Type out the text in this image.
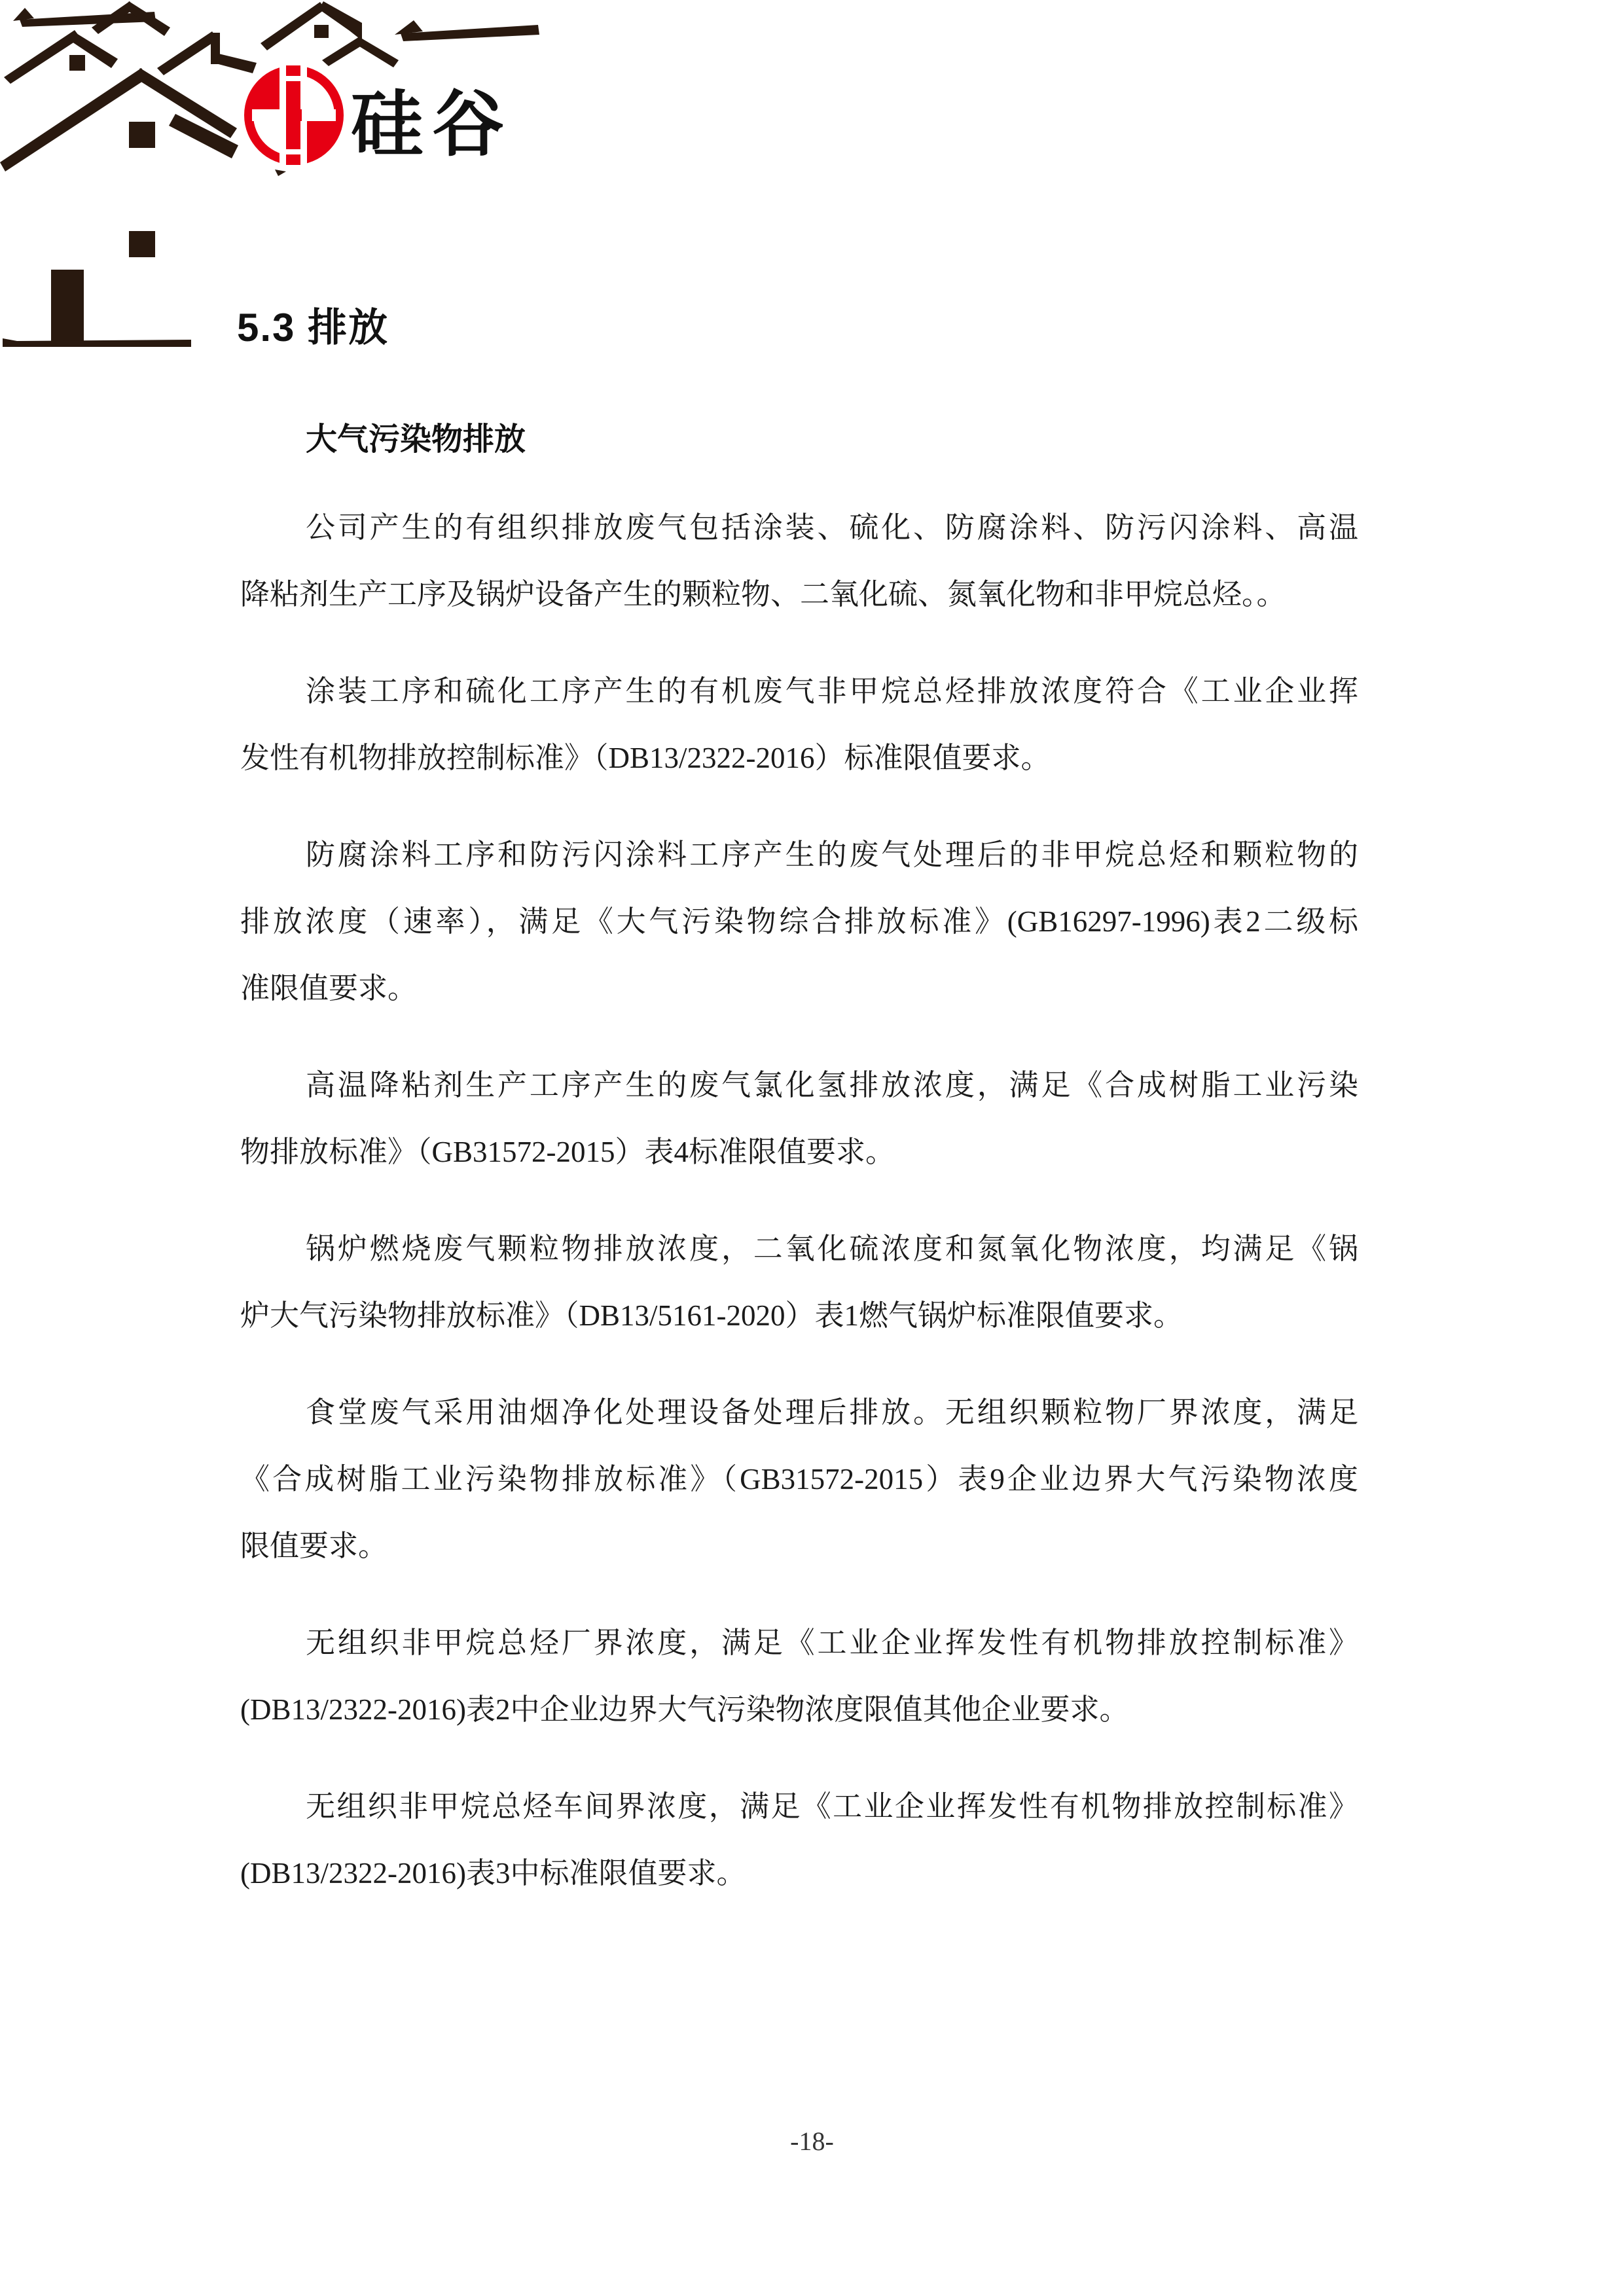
硅谷
5.3 排放
大气污染物排放

公司产生的有组织排放废气包括涂装、硫化、防腐涂料、防污闪涂料、高温
降粘剂生产工序及锅炉设备产生的颗粒物、二氧化硫、氮氧化物和非甲烷总烃。。

涂装工序和硫化工序产生的有机废气非甲烷总烃排放浓度符合《工业企业挥
发性有机物排放控制标准》（DB13/2322-2016）标准限值要求。

防腐涂料工序和防污闪涂料工序产生的废气处理后的非甲烷总烃和颗粒物的
排放浓度（速率），满足《大气污染物综合排放标准》(GB16297-1996)表2二级标
准限值要求。

高温降粘剂生产工序产生的废气氯化氢排放浓度，满足《合成树脂工业污染
物排放标准》（GB31572-2015）表4标准限值要求。

锅炉燃烧废气颗粒物排放浓度，二氧化硫浓度和氮氧化物浓度，均满足《锅
炉大气污染物排放标准》（DB13/5161-2020）表1燃气锅炉标准限值要求。

食堂废气采用油烟净化处理设备处理后排放。无组织颗粒物厂界浓度，满足
《合成树脂工业污染物排放标准》（GB31572-2015）表9企业边界大气污染物浓度
限值要求。

无组织非甲烷总烃厂界浓度，满足《工业企业挥发性有机物排放控制标准》
(DB13/2322-2016)表2中企业边界大气污染物浓度限值其他企业要求。

无组织非甲烷总烃车间界浓度，满足《工业企业挥发性有机物排放控制标准》
(DB13/2322-2016)表3中标准限值要求。

-18-
